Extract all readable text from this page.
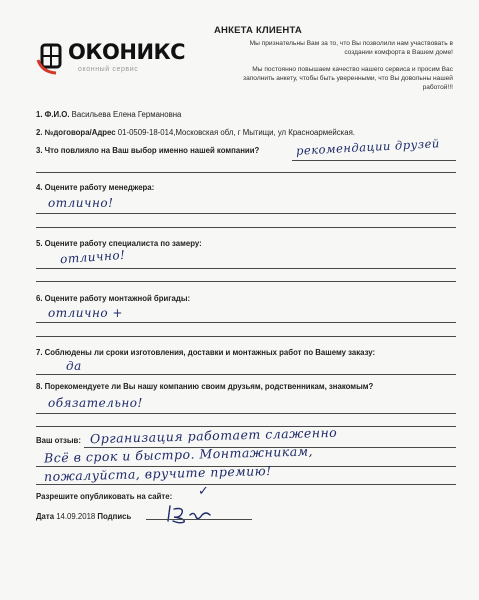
АНКЕТА КЛИЕНТА
ОКОНИКС
оконный сервис
Мы признательны Вам за то, что Вы позволили нам участвовать в создании комфорта в Вашем доме!
Мы постоянно повышаем качество нашего сервиса и просим Вас заполнить анкету, чтобы быть уверенными, что Вы довольны нашей работой!!!
1. Ф.И.О. Васильева Елена Германовна
2. №договора/Адрес 01-0509-18-014,Московская обл, г Мытищи, ул Красноармейская.
3. Что повлияло на Ваш выбор именно нашей компании?	рекомендации друзей
4. Оцените работу менеджера:
отлично!
5. Оцените работу специалиста по замеру:
отлично!
6. Оцените работу монтажной бригады:
отлично +
7. Соблюдены ли сроки изготовления, доставки и монтажных работ по Вашему заказу:
да
8. Порекомендуете ли Вы нашу компанию своим друзьям, родственникам, знакомым?
обязательно!
Ваш отзыв: Организация работает слаженно
Всё в срок и быстро. Монтажникам,
пожалуйста, вручите премию!
Разрешите опубликовать на сайте: ✓
Дата 14.09.2018 Подпись
